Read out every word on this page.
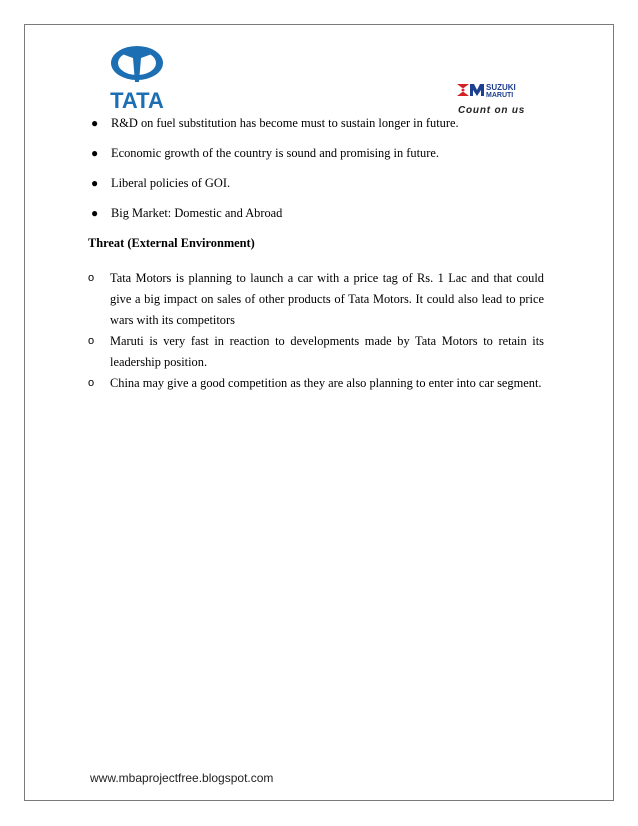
TATA
SUZUKI
MARUTI
Count on us
● R&D on fuel substitution has become must to sustain longer in future.
● Economic growth of the country is sound and promising in future.
● Liberal policies of GOI.
● Big Market: Domestic and Abroad
Threat (External Environment)
o Tata Motors is planning to launch a car with a price tag of Rs. 1 Lac and that could give a big impact on sales of other products of Tata Motors. It could also lead to price wars with its competitors
o Maruti is very fast in reaction to developments made by Tata Motors to retain its leadership position.
o China may give a good competition as they are also planning to enter into car segment.
www.mbaprojectfree.blogspot.com
